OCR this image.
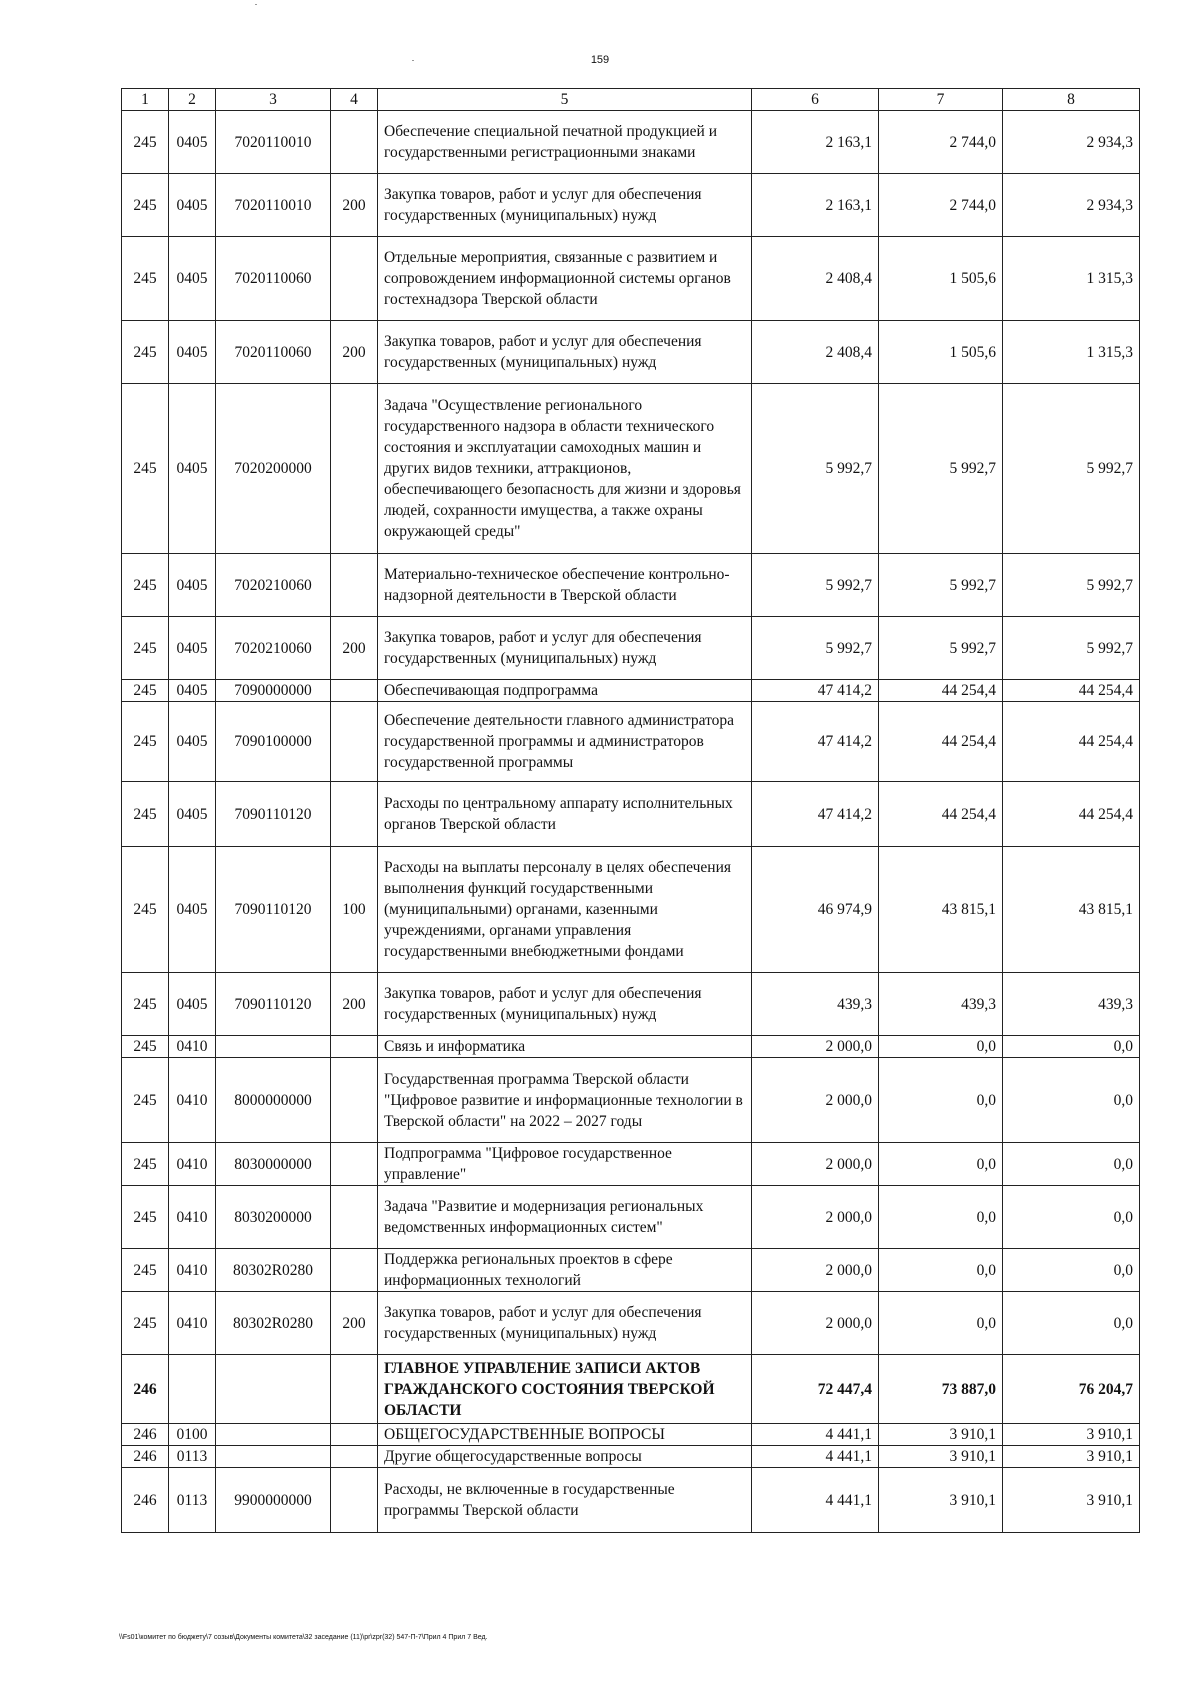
159
1	2	3	4	5	6	7	8
245	0405	7020110010		Обеспечение специальной печатной продукцией и государственными регистрационными знаками	2 163,1	2 744,0	2 934,3
245	0405	7020110010	200	Закупка товаров, работ и услуг для обеспечения государственных (муниципальных) нужд	2 163,1	2 744,0	2 934,3
245	0405	7020110060		Отдельные мероприятия, связанные с развитием и сопровождением информационной системы органов гостехнадзора Тверской области	2 408,4	1 505,6	1 315,3
245	0405	7020110060	200	Закупка товаров, работ и услуг для обеспечения государственных (муниципальных) нужд	2 408,4	1 505,6	1 315,3
245	0405	7020200000		Задача "Осуществление регионального государственного надзора в области технического состояния и эксплуатации самоходных машин и других видов техники, аттракционов, обеспечивающего безопасность для жизни и здоровья людей, сохранности имущества, а также охраны окружающей среды"	5 992,7	5 992,7	5 992,7
245	0405	7020210060		Материально-техническое обеспечение контрольно-надзорной деятельности в Тверской области	5 992,7	5 992,7	5 992,7
245	0405	7020210060	200	Закупка товаров, работ и услуг для обеспечения государственных (муниципальных) нужд	5 992,7	5 992,7	5 992,7
245	0405	7090000000		Обеспечивающая подпрограмма	47 414,2	44 254,4	44 254,4
245	0405	7090100000		Обеспечение деятельности главного администратора государственной программы и администраторов государственной программы	47 414,2	44 254,4	44 254,4
245	0405	7090110120		Расходы по центральному аппарату исполнительных органов Тверской области	47 414,2	44 254,4	44 254,4
245	0405	7090110120	100	Расходы на выплаты персоналу в целях обеспечения выполнения функций государственными (муниципальными) органами, казенными учреждениями, органами управления государственными внебюджетными фондами	46 974,9	43 815,1	43 815,1
245	0405	7090110120	200	Закупка товаров, работ и услуг для обеспечения государственных (муниципальных) нужд	439,3	439,3	439,3
245	0410			Связь и информатика	2 000,0	0,0	0,0
245	0410	8000000000		Государственная программа Тверской области "Цифровое развитие и информационные технологии в Тверской области" на 2022 – 2027 годы	2 000,0	0,0	0,0
245	0410	8030000000		Подпрограмма "Цифровое государственное управление"	2 000,0	0,0	0,0
245	0410	8030200000		Задача "Развитие и модернизация региональных ведомственных информационных систем"	2 000,0	0,0	0,0
245	0410	80302R0280		Поддержка региональных проектов в сфере информационных технологий	2 000,0	0,0	0,0
245	0410	80302R0280	200	Закупка товаров, работ и услуг для обеспечения государственных (муниципальных) нужд	2 000,0	0,0	0,0
246				ГЛАВНОЕ УПРАВЛЕНИЕ ЗАПИСИ АКТОВ ГРАЖДАНСКОГО СОСТОЯНИЯ ТВЕРСКОЙ ОБЛАСТИ	72 447,4	73 887,0	76 204,7
246	0100			ОБЩЕГОСУДАРСТВЕННЫЕ ВОПРОСЫ	4 441,1	3 910,1	3 910,1
246	0113			Другие общегосударственные вопросы	4 441,1	3 910,1	3 910,1
246	0113	9900000000		Расходы, не включенные в государственные программы Тверской области	4 441,1	3 910,1	3 910,1
\\Fs01\комитет по бюджету\7 созыв\Документы комитета\32 заседание (11)\pr\zpr(32) 547-П-7\Прил 4 Прил 7 Вед.
